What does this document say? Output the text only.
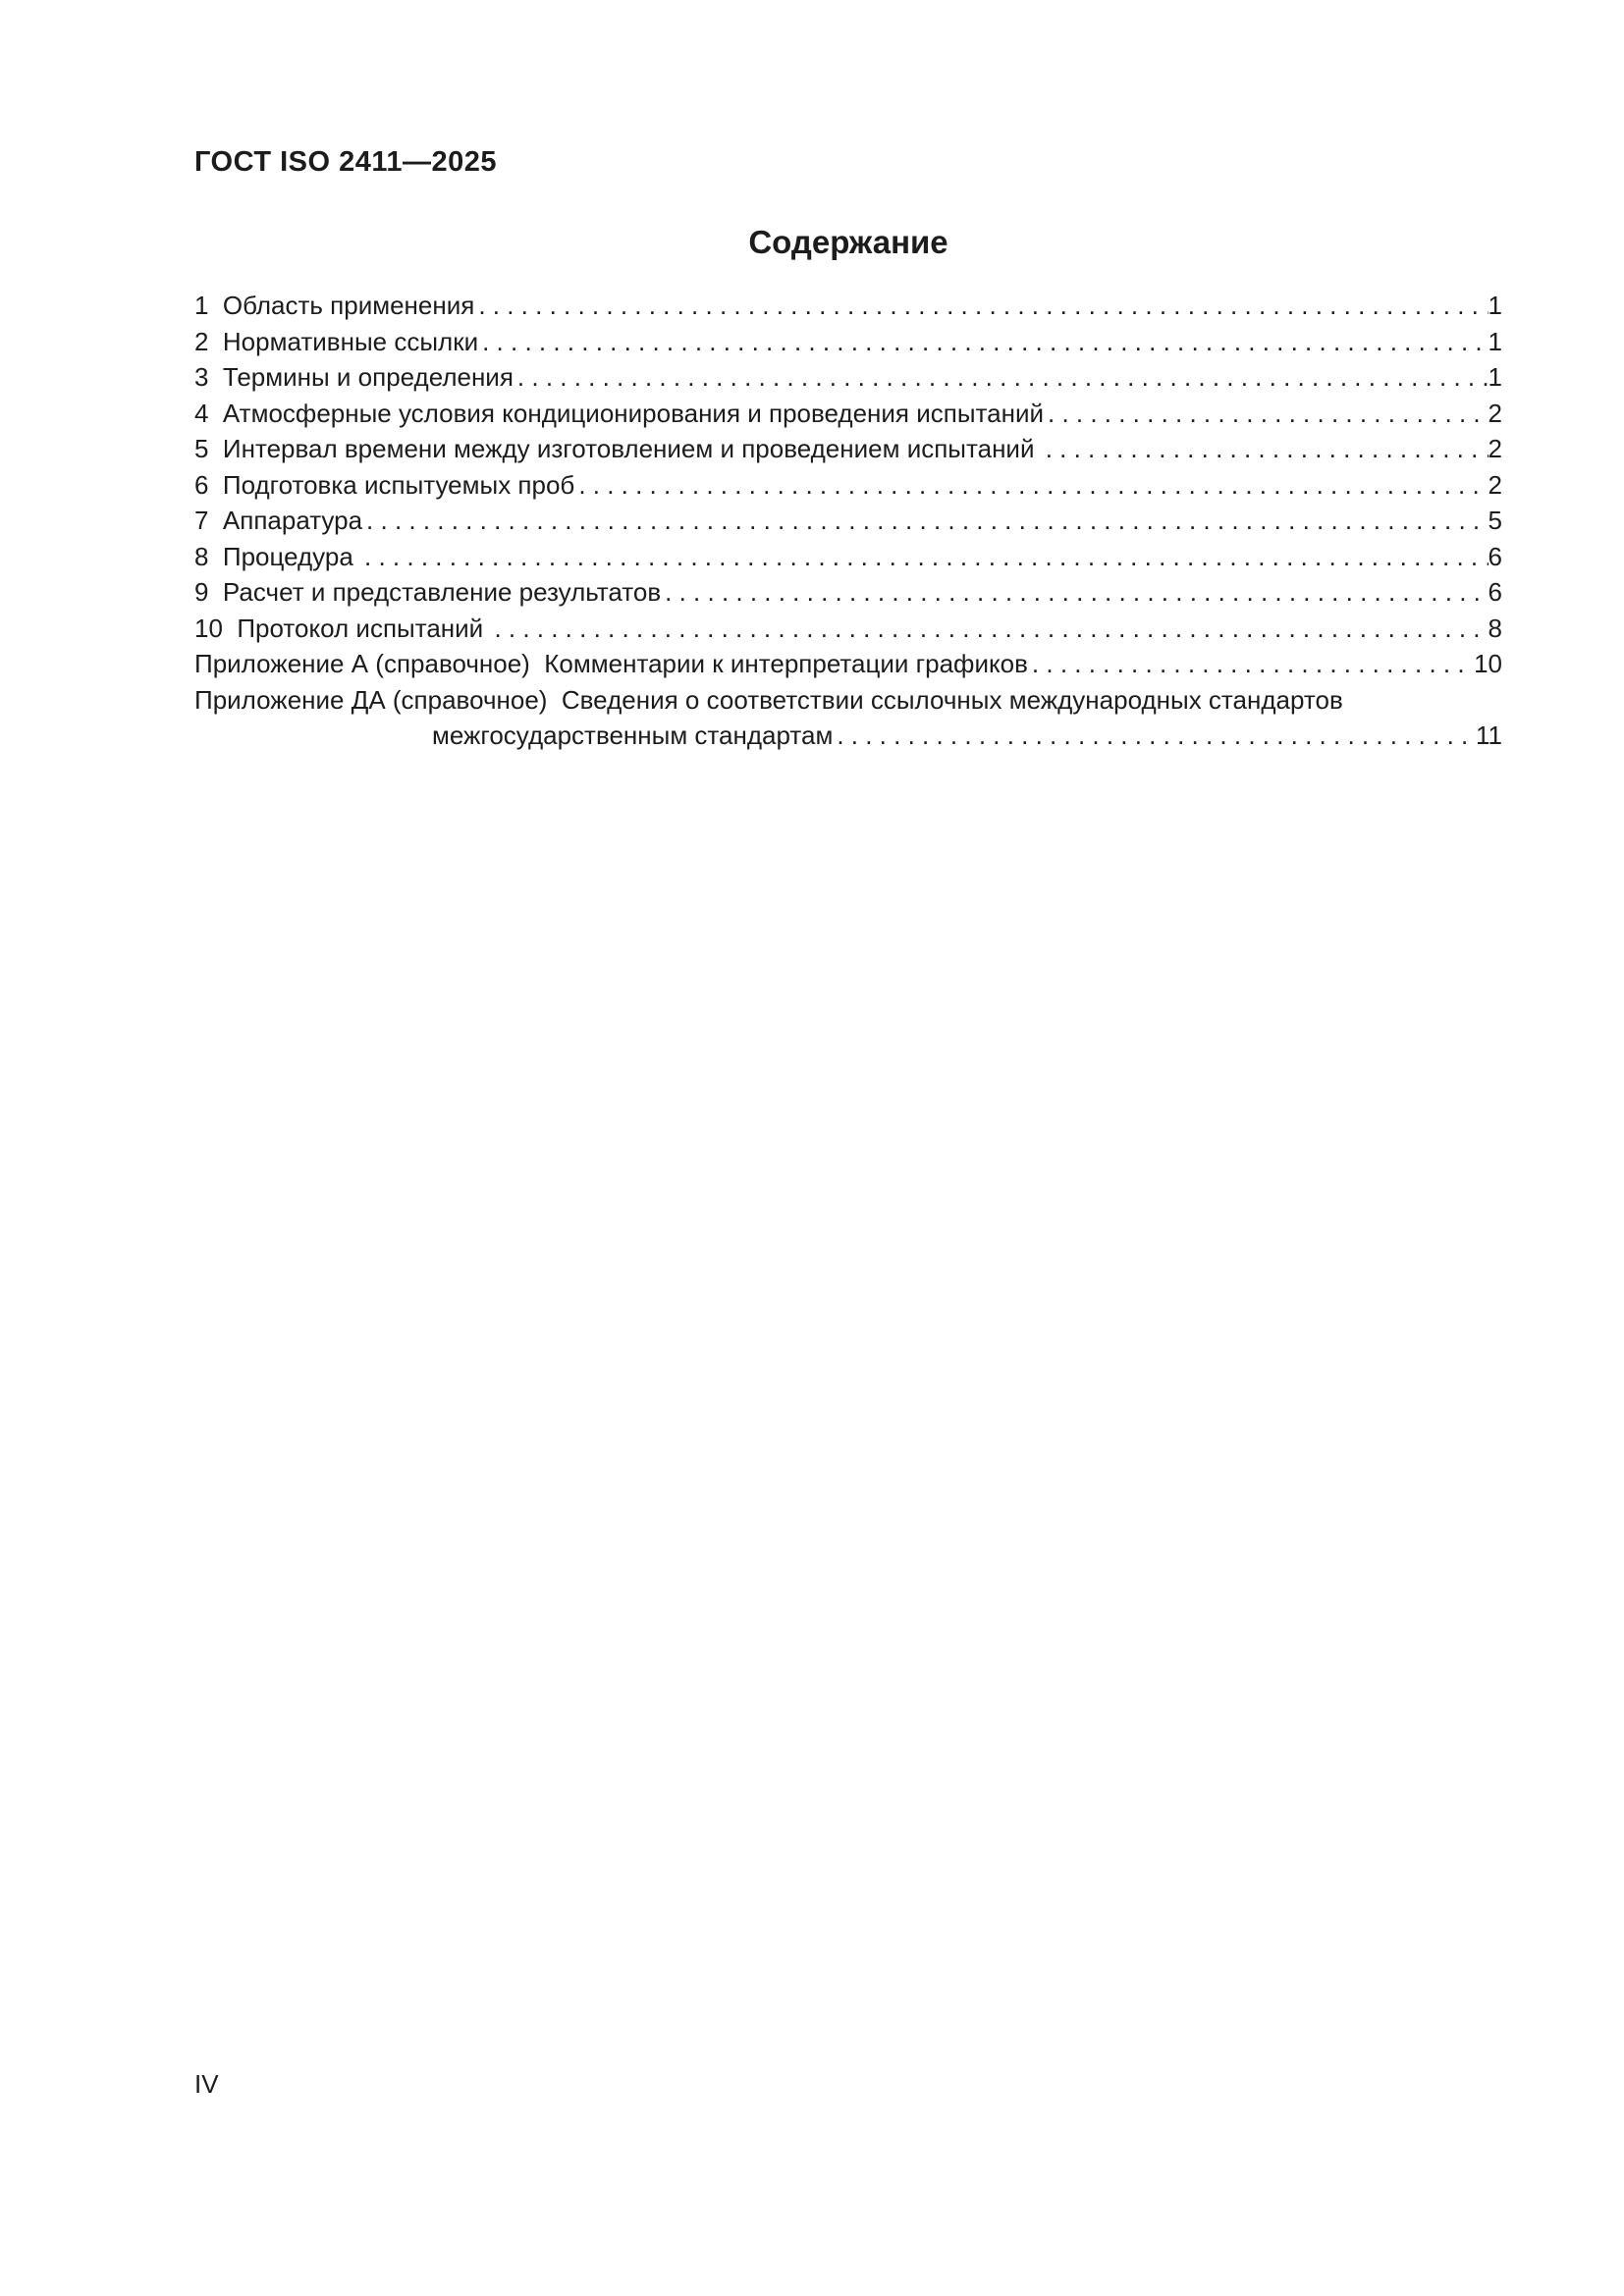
ГОСТ ISO 2411—2025
Содержание
1  Область применения . . .	1
2  Нормативные ссылки . . .	1
3  Термины и определения . . .	1
4  Атмосферные условия кондиционирования и проведения испытаний . . .	2
5  Интервал времени между изготовлением и проведением испытаний . . .	2
6  Подготовка испытуемых проб . . .	2
7  Аппаратура . . .	5
8  Процедура . . .	6
9  Расчет и представление результатов . . .	6
10  Протокол испытаний . . .	8
Приложение А (справочное)  Комментарии к интерпретации графиков . . .	10
Приложение ДА (справочное)  Сведения о соответствии ссылочных международных стандартов
межгосударственным стандартам . . .	11
IV
